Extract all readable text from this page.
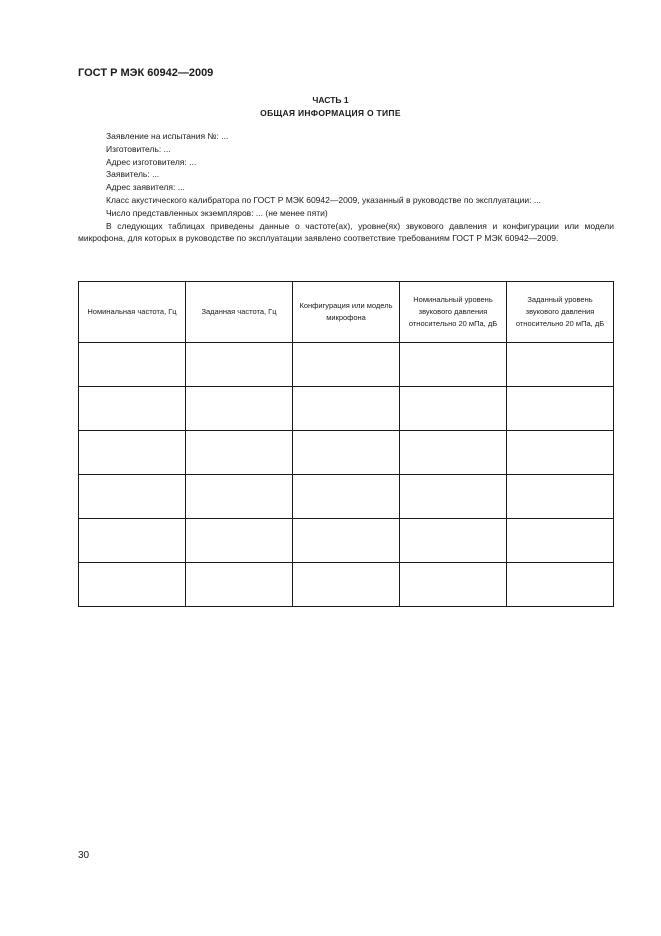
ГОСТ Р МЭК 60942—2009
ЧАСТЬ 1
ОБЩАЯ ИНФОРМАЦИЯ О ТИПЕ

Заявление на испытания №: ...

Изготовитель: ...

Адрес изготовителя: ...

Заявитель: ...

Адрес заявителя: ...

Класс акустического калибратора по ГОСТ Р МЭК 60942—2009, указанный в руководстве по эксплуатации: ...

Число представленных экземпляров: ... (не менее пяти)

В следующих таблицах приведены данные о частоте(ах), уровне(ях) звукового давления и конфигурации или модели микрофона, для которых в руководстве по эксплуатации заявлено соответствие требованиям ГОСТ Р МЭК 60942—2009.

Номинальная частота, Гц	Заданная частота, Гц	Конфигурация или модель микрофона	Номинальный уровень звукового давления относительно 20 мПа, дБ	Заданный уровень звукового давления относительно 20 мПа, дБ

30
